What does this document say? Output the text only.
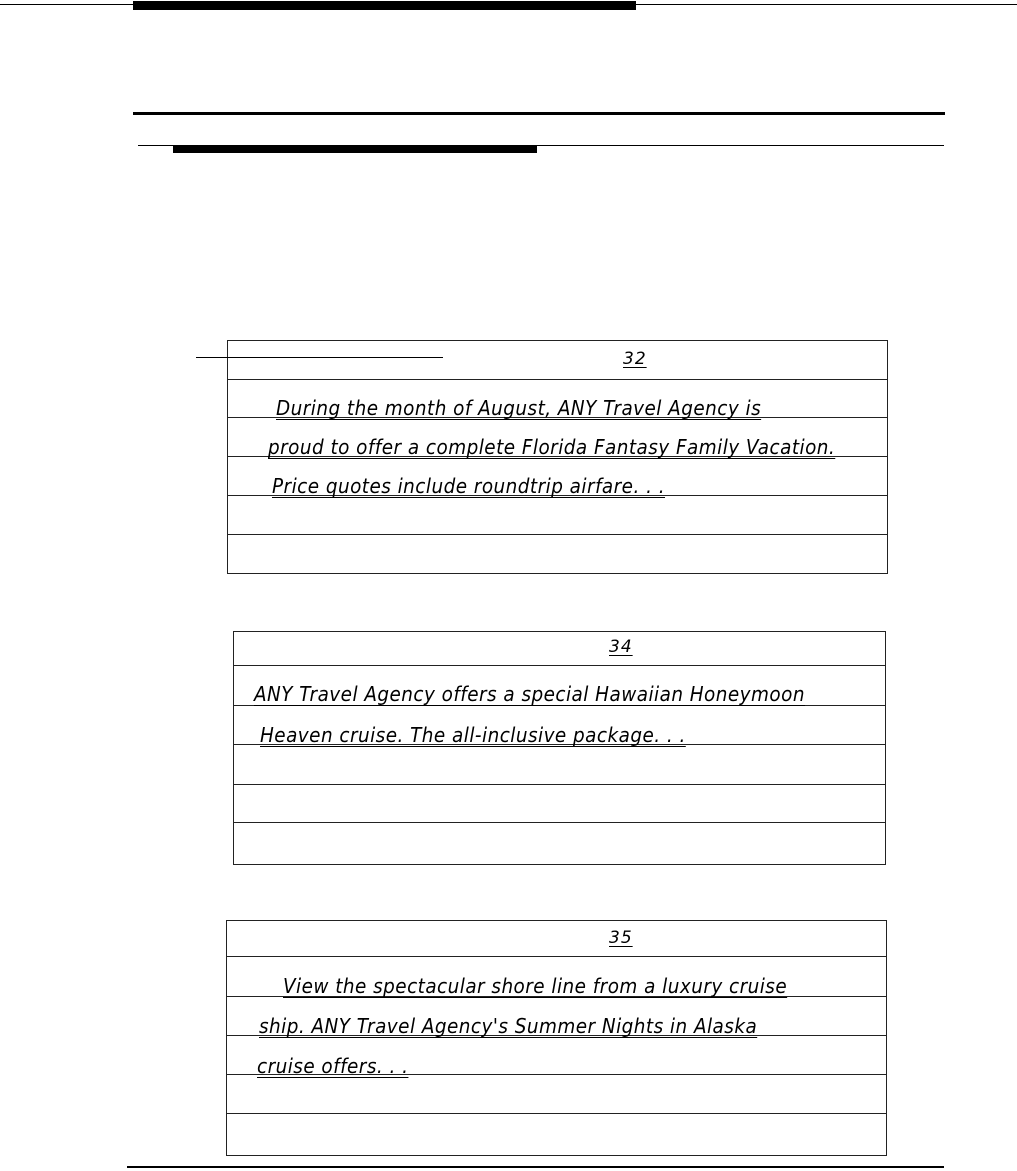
32
During the month of August, ANY Travel Agency is
proud to offer a complete Florida Fantasy Family Vacation.
Price quotes include roundtrip airfare. . .
34
ANY Travel Agency offers a special Hawaiian Honeymoon
Heaven cruise. The all-inclusive package. . .
35
View the spectacular shore line from a luxury cruise
ship. ANY Travel Agency's Summer Nights in Alaska
cruise offers. . .
